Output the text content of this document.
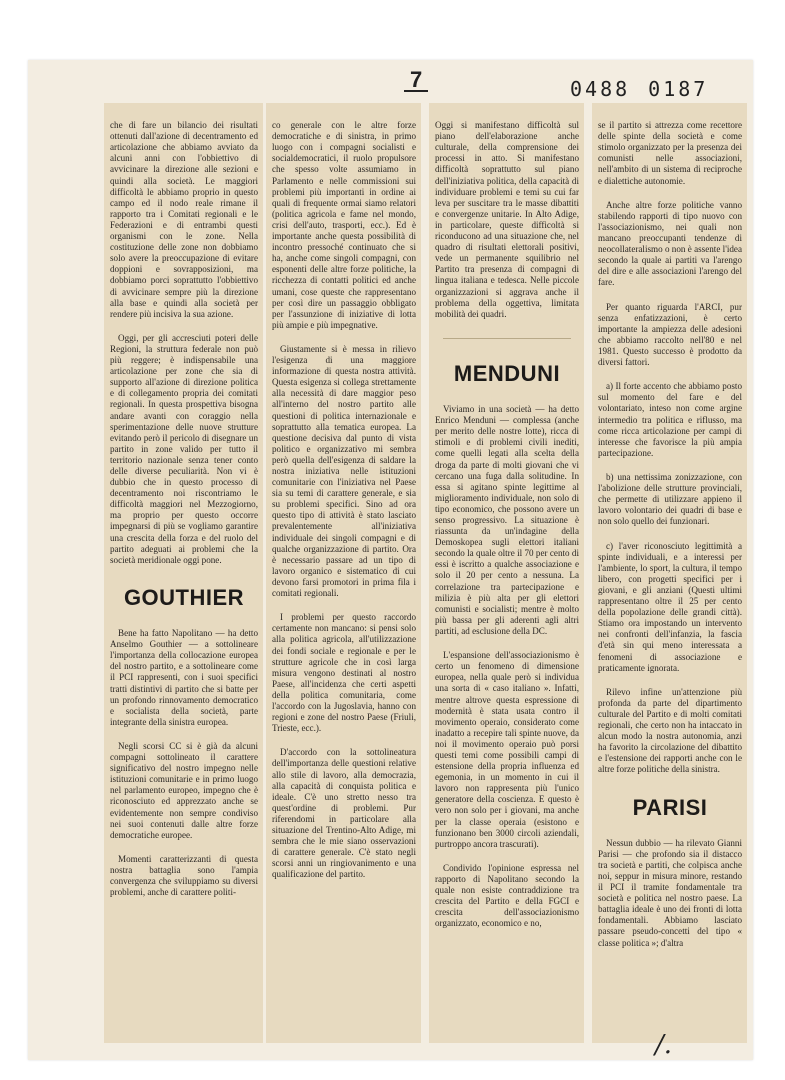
7	0488 0187

che di fare un bilancio dei risultati ottenuti dall'azione di decentramento ed articolazione che abbiamo avviato da alcuni anni con l'obbiettivo di avvicinare la direzione alle sezioni e quindi alla società. Le maggiori difficoltà le abbiamo proprio in questo campo ed il nodo reale rimane il rapporto tra i Comitati regionali e le Federazioni e di entrambi questi organismi con le zone. Nella costituzione delle zone non dobbiamo solo avere la preoccupazione di evitare doppioni e sovrapposizioni, ma dobbiamo porci soprattutto l'obbiettivo di avvicinare sempre più la direzione alla base e quindi alla società per rendere più incisiva la sua azione.

Oggi, per gli accresciuti poteri delle Regioni, la struttura federale non può più reggere; è indispensabile una articolazione per zone che sia di supporto all'azione di direzione politica e di collegamento propria dei comitati regionali. In questa prospettiva bisogna andare avanti con coraggio nella sperimentazione delle nuove strutture evitando però il pericolo di disegnare un partito in zone valido per tutto il territorio nazionale senza tener conto delle diverse peculiarità. Non vi è dubbio che in questo processo di decentramento noi riscontriamo le difficoltà maggiori nel Mezzogiorno, ma proprio per questo occorre impegnarsi di più se vogliamo garantire una crescita della forza e del ruolo del partito adeguati ai problemi che la società meridionale oggi pone.

GOUTHIER

Bene ha fatto Napolitano — ha detto Anselmo Gouthier — a sottolineare l'importanza della collocazione europea del nostro partito, e a sottolineare come il PCI rappresenti, con i suoi specifici tratti distintivi di partito che si batte per un profondo rinnovamento democratico e socialista della società, parte integrante della sinistra europea.

Negli scorsi CC si è già da alcuni compagni sottolineato il carattere significativo del nostro impegno nelle istituzioni comunitarie e in primo luogo nel parlamento europeo, impegno che è riconosciuto ed apprezzato anche se evidentemente non sempre condiviso nei suoi contenuti dalle altre forze democratiche europee.

Momenti caratterizzanti di questa nostra battaglia sono l'ampia convergenza che sviluppiamo su diversi problemi, anche di carattere politi-

co generale con le altre forze democratiche e di sinistra, in primo luogo con i compagni socialisti e socialdemocratici, il ruolo propulsore che spesso volte assumiamo in Parlamento e nelle commissioni sui problemi più importanti in ordine ai quali di frequente ormai siamo relatori (politica agricola e fame nel mondo, crisi dell'auto, trasporti, ecc.). Ed è importante anche questa possibilità di incontro pressoché continuato che si ha, anche come singoli compagni, con esponenti delle altre forze politiche, la ricchezza di contatti politici ed anche umani, cose queste che rappresentano per così dire un passaggio obbligato per l'assunzione di iniziative di lotta più ampie e più impegnative.

Giustamente si è messa in rilievo l'esigenza di una maggiore informazione di questa nostra attività. Questa esigenza si collega strettamente alla necessità di dare maggior peso all'interno del nostro partito alle questioni di politica internazionale e soprattutto alla tematica europea. La questione decisiva dal punto di vista politico e organizzativo mi sembra però quella dell'esigenza di saldare la nostra iniziativa nelle istituzioni comunitarie con l'iniziativa nel Paese sia su temi di carattere generale, e sia su problemi specifici. Sino ad ora questo tipo di attività è stato lasciato prevalentemente all'iniziativa individuale dei singoli compagni e di qualche organizzazione di partito. Ora è necessario passare ad un tipo di lavoro organico e sistematico di cui devono farsi promotori in prima fila i comitati regionali.

I problemi per questo raccordo certamente non mancano: si pensi solo alla politica agricola, all'utilizzazione dei fondi sociale e regionale e per le strutture agricole che in così larga misura vengono destinati al nostro Paese, all'incidenza che certi aspetti della politica comunitaria, come l'accordo con la Jugoslavia, hanno con regioni e zone del nostro Paese (Friuli, Trieste, ecc.).

D'accordo con la sottolineatura dell'importanza delle questioni relative allo stile di lavoro, alla democrazia, alla capacità di conquista politica e ideale. C'è uno stretto nesso tra quest'ordine di problemi. Pur riferendomi in particolare alla situazione del Trentino-Alto Adige, mi sembra che le mie siano osservazioni di carattere generale. C'è stato negli scorsi anni un ringiovanimento e una qualificazione del partito.

Oggi si manifestano difficoltà sul piano dell'elaborazione anche culturale, della comprensione dei processi in atto. Si manifestano difficoltà soprattutto sul piano dell'iniziativa politica, della capacità di individuare problemi e temi su cui far leva per suscitare tra le masse dibattiti e convergenze unitarie. In Alto Adige, in particolare, queste difficoltà si riconducono ad una situazione che, nel quadro di risultati elettorali positivi, vede un permanente squilibrio nel Partito tra presenza di compagni di lingua italiana e tedesca. Nelle piccole organizzazioni si aggrava anche il problema della oggettiva, limitata mobilità dei quadri.

MENDUNI

Viviamo in una società — ha detto Enrico Menduni — complessa (anche per merito delle nostre lotte), ricca di stimoli e di problemi civili inediti, come quelli legati alla scelta della droga da parte di molti giovani che vi cercano una fuga dalla solitudine. In essa si agitano spinte legittime al miglioramento individuale, non solo di tipo economico, che possono avere un senso progressivo. La situazione è riassunta da un'indagine della Demoskopea sugli elettori italiani secondo la quale oltre il 70 per cento di essi è iscritto a qualche associazione e solo il 20 per cento a nessuna. La correlazione tra partecipazione e milizia è più alta per gli elettori comunisti e socialisti; mentre è molto più bassa per gli aderenti agli altri partiti, ad esclusione della DC.

L'espansione dell'associazionismo è certo un fenomeno di dimensione europea, nella quale però si individua una sorta di « caso italiano ». Infatti, mentre altrove questa espressione di modernità è stata usata contro il movimento operaio, considerato come inadatto a recepire tali spinte nuove, da noi il movimento operaio può porsi questi temi come possibili campi di estensione della propria influenza ed egemonia, in un momento in cui il lavoro non rappresenta più l'unico generatore della coscienza. E questo è vero non solo per i giovani, ma anche per la classe operaia (esistono e funzionano ben 3000 circoli aziendali, purtroppo ancora trascurati).

Condivido l'opinione espressa nel rapporto di Napolitano secondo la quale non esiste contraddizione tra crescita del Partito e della FGCI e crescita dell'associazionismo organizzato, economico e no,

se il partito si attrezza come recettore delle spinte della società e come stimolo organizzato per la presenza dei comunisti nelle associazioni, nell'ambito di un sistema di reciproche e dialettiche autonomie.

Anche altre forze politiche vanno stabilendo rapporti di tipo nuovo con l'associazionismo, nei quali non mancano preoccupanti tendenze di neocollateralismo o non è assente l'idea secondo la quale ai partiti va l'arengo del dire e alle associazioni l'arengo del fare.

Per quanto riguarda l'ARCI, pur senza enfatizzazioni, è certo importante la ampiezza delle adesioni che abbiamo raccolto nell'80 e nel 1981. Questo successo è prodotto da diversi fattori.

a) Il forte accento che abbiamo posto sul momento del fare e del volontariato, inteso non come argine intermedio tra politica e riflusso, ma come ricca articolazione per campi di interesse che favorisce la più ampia partecipazione.

b) una nettissima zonizzazione, con l'abolizione delle strutture provinciali, che permette di utilizzare appieno il lavoro volontario dei quadri di base e non solo quello dei funzionari.

c) l'aver riconosciuto legittimità a spinte individuali, e a interessi per l'ambiente, lo sport, la cultura, il tempo libero, con progetti specifici per i giovani, e gli anziani (Questi ultimi rappresentano oltre il 25 per cento della popolazione delle grandi città). Stiamo ora impostando un intervento nei confronti dell'infanzia, la fascia d'età sin qui meno interessata a fenomeni di associazione e praticamente ignorata.

Rilevo infine un'attenzione più profonda da parte del dipartimento culturale del Partito e di molti comitati regionali, che certo non ha intaccato in alcun modo la nostra autonomia, anzi ha favorito la circolazione del dibattito e l'estensione dei rapporti anche con le altre forze politiche della sinistra.

PARISI

Nessun dubbio — ha rilevato Gianni Parisi — che profondo sia il distacco tra società e partiti, che colpisca anche noi, seppur in misura minore, restando il PCI il tramite fondamentale tra società e politica nel nostro paese. La battaglia ideale è uno dei fronti di lotta fondamentali. Abbiamo lasciato passare pseudo-concetti del tipo « classe politica »; d'altra

/.
